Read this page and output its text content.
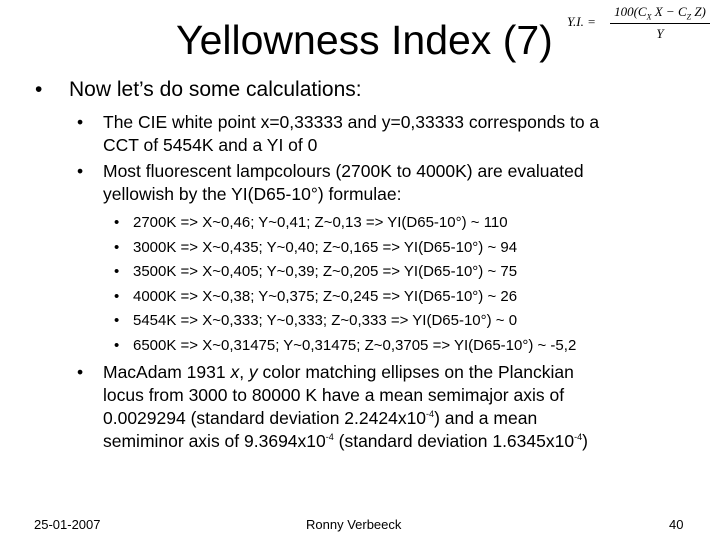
Yellowness Index (7) Y.I. =
$100(C_X$ $X - C_Z$ Z)
Y
• Now let’s do some calculations:
• The CIE white point x=0,33333 and y=0,33333 corresponds to a
CCT of 5454K and a YI of 0
• Most fluorescent lampcolours (2700K to 4000K) are evaluated
yellowish by the YI(D65-10°) formulae:
• 2700K => X~0,46; Y~0,41; Z~0,13 => YI(D65-10°) ~ 110
• 3000K => X~0,435; Y~0,40; Z~0,165 => YI(D65-10°) ~ 94
• 3500K => X~0,405; Y~0,39; Z~0,205 => YI(D65-10°) ~ 75
• 4000K => X~0,38; Y~0,375; Z~0,245 => YI(D65-10°) ~ 26
• 5454K => X~0,333; Y~0,333; Z~0,333 => YI(D65-10°) ~ 0
• 6500K => X~0,31475; Y~0,31475; Z~0,3705 => YI(D65-10°) ~ -5,2
• MacAdam 1931 x, y color matching ellipses on the Planckian
locus from 3000 to 80000 K have a mean semimajor axis of
0.0029294 (standard deviation $2.2424x10^{-4}$) and a mean
semiminor axis of $9.3694x10^{-4}$ (standard deviation $1.6345x10^{-4}$)
25-01-2007	Ronny Verbeeck	40
